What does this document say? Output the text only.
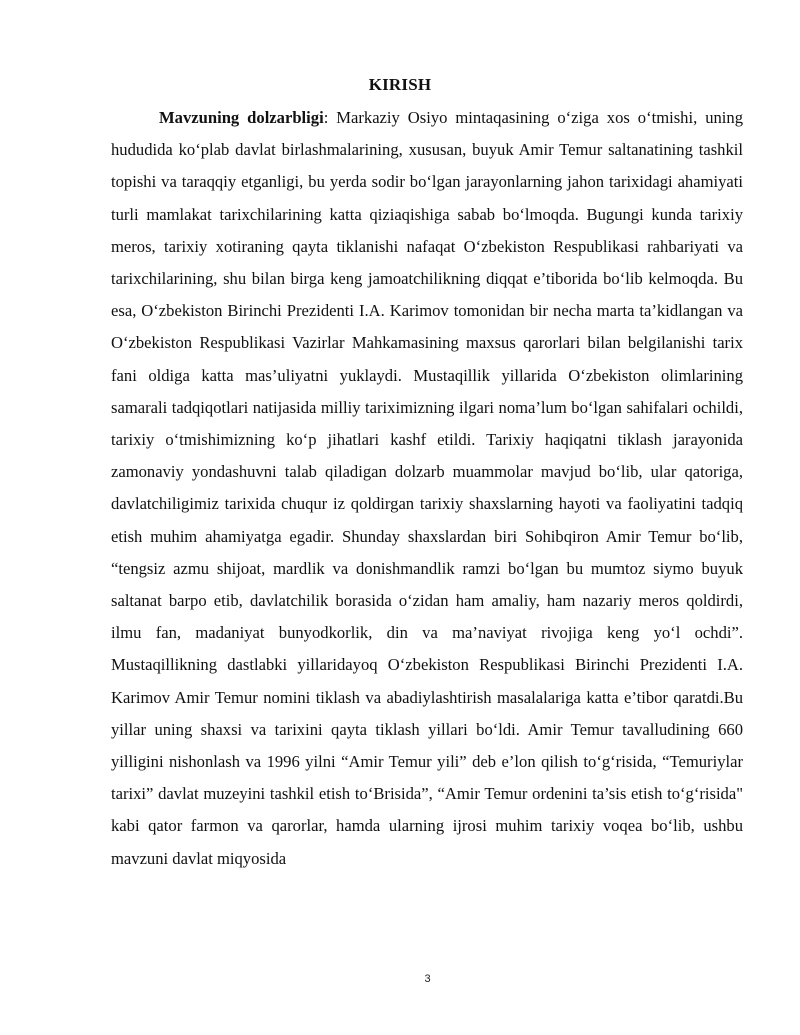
KIRISH

Mavzuning dolzarbligi: Markaziy Osiyo mintaqasining o‘ziga xos o‘tmishi, uning hududida ko‘plab davlat birlashmalarining, xususan, buyuk Amir Temur saltanatining tashkil topishi va taraqqiy etganligi, bu yerda sodir bo‘lgan jarayonlarning jahon tarixidagi ahamiyati turli mamlakat tarixchilarining katta qiziaqishiga sabab bo‘lmoqda. Bugungi kunda tarixiy meros, tarixiy xotiraning qayta tiklanishi nafaqat O‘zbekiston Respublikasi rahbariyati va tarixchilarining, shu bilan birga keng jamoatchilikning diqqat e’tiborida bo‘lib kelmoqda. Bu esa, O‘zbekiston Birinchi Prezidenti I.A. Karimov tomonidan bir necha marta ta’kidlangan va O‘zbekiston Respublikasi Vazirlar Mahkamasining maxsus qarorlari bilan belgilanishi tarix fani oldiga katta mas’uliyatni yuklaydi. Mustaqillik yillarida O‘zbekiston olimlarining samarali tadqiqotlari natijasida milliy tariximizning ilgari noma’lum bo‘lgan sahifalari ochildi, tarixiy o‘tmishimizning ko‘p jihatlari kashf etildi. Tarixiy haqiqatni tiklash jarayonida zamonaviy yondashuvni talab qiladigan dolzarb muammolar mavjud bo‘lib, ular qatoriga, davlatchiligimiz tarixida chuqur iz qoldirgan tarixiy shaxslarning hayoti va faoliyatini tadqiq etish muhim ahamiyatga egadir. Shunday shaxslardan biri Sohibqiron Amir Temur bo‘lib, “tengsiz azmu shijoat, mardlik va donishmandlik ramzi bo‘lgan bu mumtoz siymo buyuk saltanat barpo etib, davlatchilik borasida o‘zidan ham amaliy, ham nazariy meros qoldirdi, ilmu fan, madaniyat bunyodkorlik, din va ma’naviyat rivojiga keng yo‘l ochdi”. Mustaqillikning dastlabki yillaridayoq O‘zbekiston Respublikasi Birinchi Prezidenti I.A. Karimov Amir Temur nomini tiklash va abadiylashtirish masalalariga katta e’tibor qaratdi.Bu yillar uning shaxsi va tarixini qayta tiklash yillari bo‘ldi. Amir Temur tavalludining 660 yilligini nishonlash va 1996 yilni “Amir Temur yili” deb e’lon qilish to‘g‘risida, “Temuriylar tarixi” davlat muzeyini tashkil etish to‘Brisida”, “Amir Temur ordenini ta’sis etish to‘g‘risida" kabi qator farmon va qarorlar, hamda ularning ijrosi muhim tarixiy voqea bo‘lib, ushbu mavzuni davlat miqyosida

3
